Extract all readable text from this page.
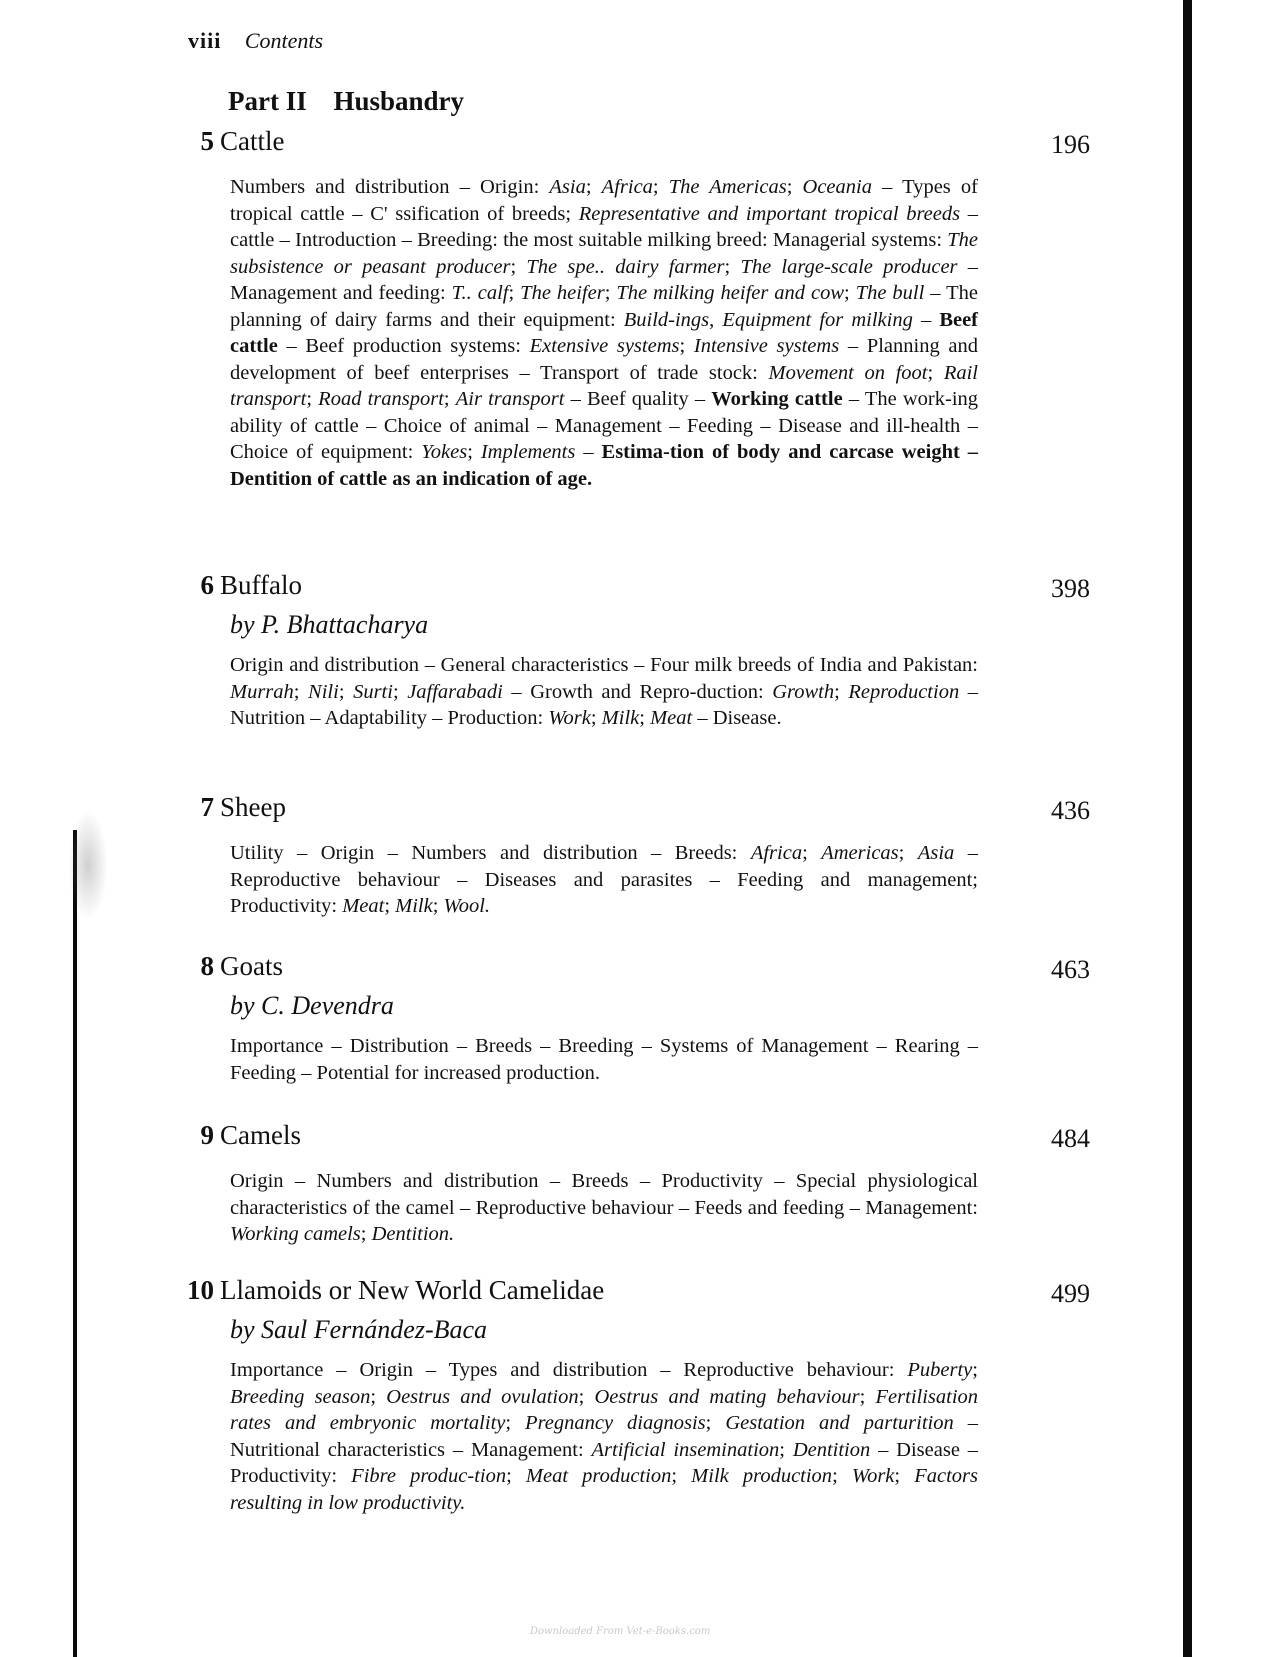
viii Contents
Part II Husbandry
5 Cattle	196
Numbers and distribution – Origin: Asia; Africa; The Americas; Oceania – Types of tropical cattle – C' ssification of breeds; Representative and important tropical breeds – cattle – Introduction – Breeding: the most suitable milking breed: Managerial systems: The subsistence or peasant producer; The spe.. dairy farmer; The large-scale producer – Management and feeding: T.. calf; The heifer; The milking heifer and cow; The bull – The planning of dairy farms and their equipment: Build-ings, Equipment for milking – Beef cattle – Beef production systems: Extensive systems; Intensive systems – Planning and development of beef enterprises – Transport of trade stock: Movement on foot; Rail transport; Road transport; Air transport – Beef quality – Working cattle – The work-ing ability of cattle – Choice of animal – Management – Feeding – Disease and ill-health – Choice of equipment: Yokes; Implements – Estima-tion of body and carcase weight – Dentition of cattle as an indication of age.
6 Buffalo	398
by P. Bhattacharya
Origin and distribution – General characteristics – Four milk breeds of India and Pakistan: Murrah; Nili; Surti; Jaffarabadi – Growth and Repro-duction: Growth; Reproduction – Nutrition – Adaptability – Production: Work; Milk; Meat – Disease.
7 Sheep	436
Utility – Origin – Numbers and distribution – Breeds: Africa; Americas; Asia – Reproductive behaviour – Diseases and parasites – Feeding and management; Productivity: Meat; Milk; Wool.
8 Goats	463
by C. Devendra
Importance – Distribution – Breeds – Breeding – Systems of Management – Rearing – Feeding – Potential for increased production.
9 Camels	484
Origin – Numbers and distribution – Breeds – Productivity – Special physiological characteristics of the camel – Reproductive behaviour – Feeds and feeding – Management: Working camels; Dentition.
10 Llamoids or New World Camelidae	499
by Saul Fernández-Baca
Importance – Origin – Types and distribution – Reproductive behaviour: Puberty; Breeding season; Oestrus and ovulation; Oestrus and mating behaviour; Fertilisation rates and embryonic mortality; Pregnancy diagnosis; Gestation and parturition – Nutritional characteristics – Management: Artificial insemination; Dentition – Disease – Productivity: Fibre produc-tion; Meat production; Milk production; Work; Factors resulting in low productivity.
Downloaded From Vet-e-Books.com
